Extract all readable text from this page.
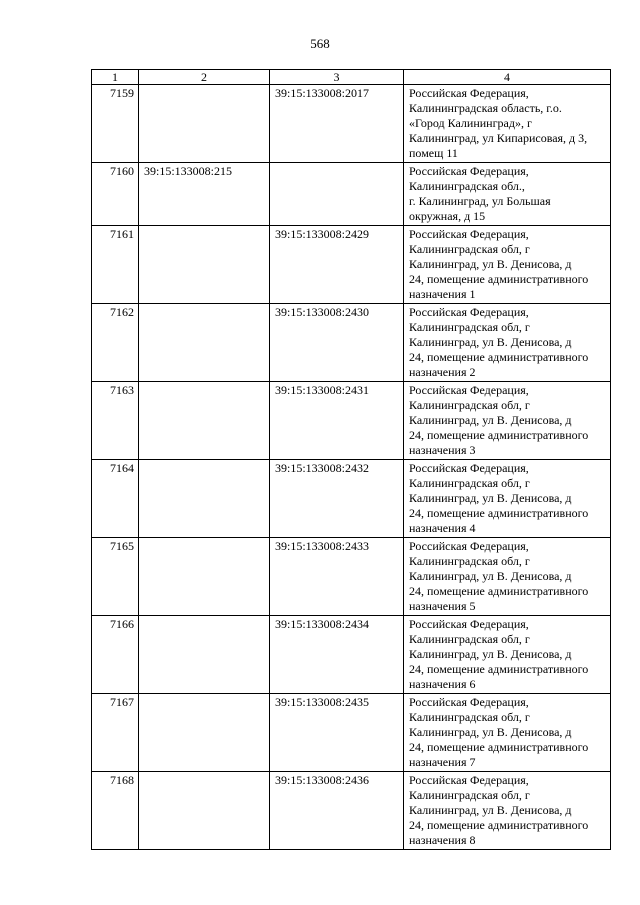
568
1	2	3	4
7159		39:15:133008:2017	Российская Федерация,
Калининградская область, г.о.
«Город Калининград», г
Калининград, ул Кипарисовая, д 3,
помещ 11
7160	39:15:133008:215		Российская Федерация,
Калининградская обл.,
г. Калининград, ул Большая
окружная, д 15
7161		39:15:133008:2429	Российская Федерация,
Калининградская обл, г
Калининград, ул В. Денисова, д
24, помещение административного
назначения 1
7162		39:15:133008:2430	Российская Федерация,
Калининградская обл, г
Калининград, ул В. Денисова, д
24, помещение административного
назначения 2
7163		39:15:133008:2431	Российская Федерация,
Калининградская обл, г
Калининград, ул В. Денисова, д
24, помещение административного
назначения 3
7164		39:15:133008:2432	Российская Федерация,
Калининградская обл, г
Калининград, ул В. Денисова, д
24, помещение административного
назначения 4
7165		39:15:133008:2433	Российская Федерация,
Калининградская обл, г
Калининград, ул В. Денисова, д
24, помещение административного
назначения 5
7166		39:15:133008:2434	Российская Федерация,
Калининградская обл, г
Калининград, ул В. Денисова, д
24, помещение административного
назначения 6
7167		39:15:133008:2435	Российская Федерация,
Калининградская обл, г
Калининград, ул В. Денисова, д
24, помещение административного
назначения 7
7168		39:15:133008:2436	Российская Федерация,
Калининградская обл, г
Калининград, ул В. Денисова, д
24, помещение административного
назначения 8
